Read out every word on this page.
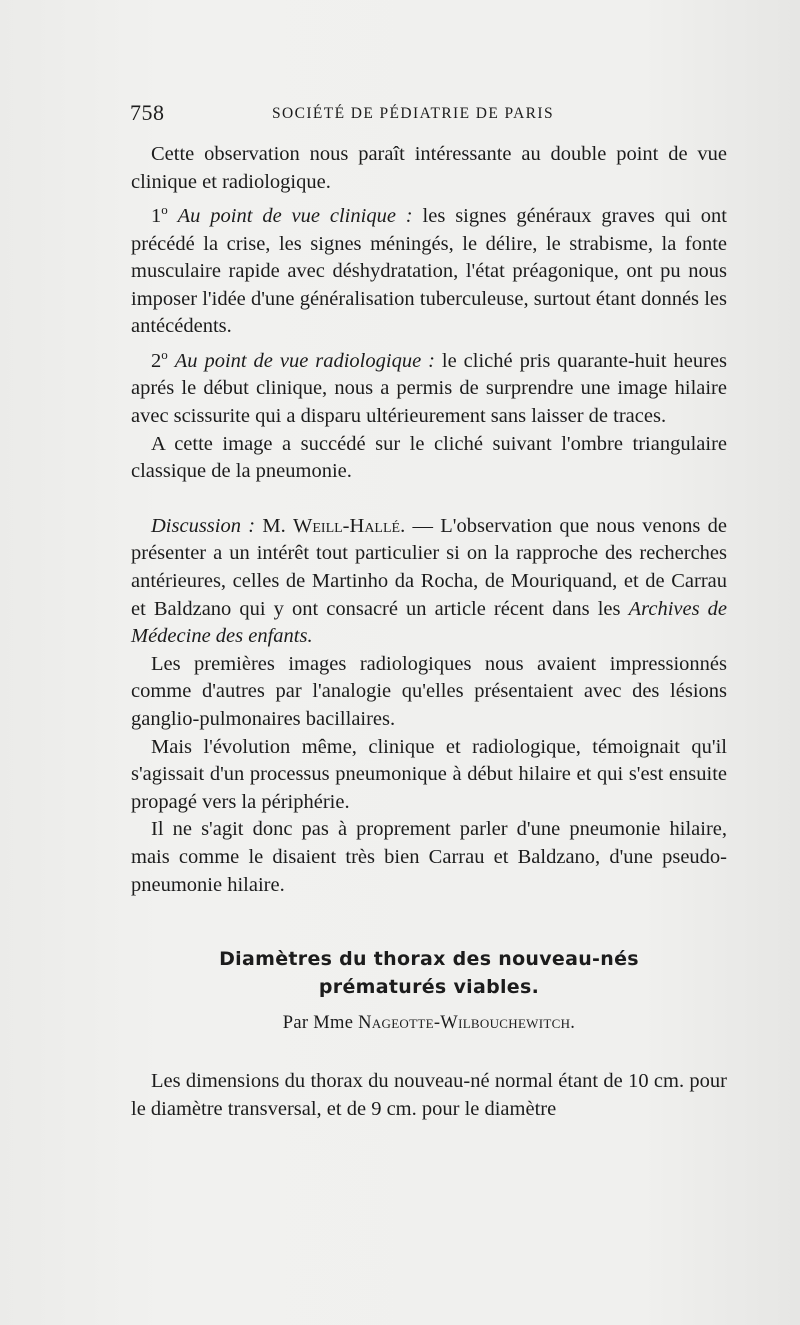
758	SOCIÉTÉ DE PÉDIATRIE DE PARIS

Cette observation nous paraît intéressante au double point de vue clinique et radiologique.

1$^o$ Au point de vue clinique : les signes généraux graves qui ont précédé la crise, les signes méningés, le délire, le strabisme, la fonte musculaire rapide avec déshydratation, l'état préagonique, ont pu nous imposer l'idée d'une généralisation tuberculeuse, surtout étant donnés les antécédents.

2$^o$ Au point de vue radiologique : le cliché pris quarante-huit heures aprés le début clinique, nous a permis de surprendre une image hilaire avec scissurite qui a disparu ultérieurement sans laisser de traces.

A cette image a succédé sur le cliché suivant l'ombre triangulaire classique de la pneumonie.

Discussion : M. Weill-Hallé. — L'observation que nous venons de présenter a un intérêt tout particulier si on la rapproche des recherches antérieures, celles de Martinho da Rocha, de Mouriquand, et de Carrau et Baldzano qui y ont consacré un article récent dans les Archives de Médecine des enfants.

Les premières images radiologiques nous avaient impressionnés comme d'autres par l'analogie qu'elles présentaient avec des lésions ganglio-pulmonaires bacillaires.

Mais l'évolution même, clinique et radiologique, témoignait qu'il s'agissait d'un processus pneumonique à début hilaire et qui s'est ensuite propagé vers la périphérie.

Il ne s'agit donc pas à proprement parler d'une pneumonie hilaire, mais comme le disaient très bien Carrau et Baldzano, d'une pseudo-pneumonie hilaire.

Diamètres du thorax des nouveau-nés
prématurés viables.
Par Mme Nageotte-Wilbouchewitch.

Les dimensions du thorax du nouveau-né normal étant de 10 cm. pour le diamètre transversal, et de 9 cm. pour le diamètre
